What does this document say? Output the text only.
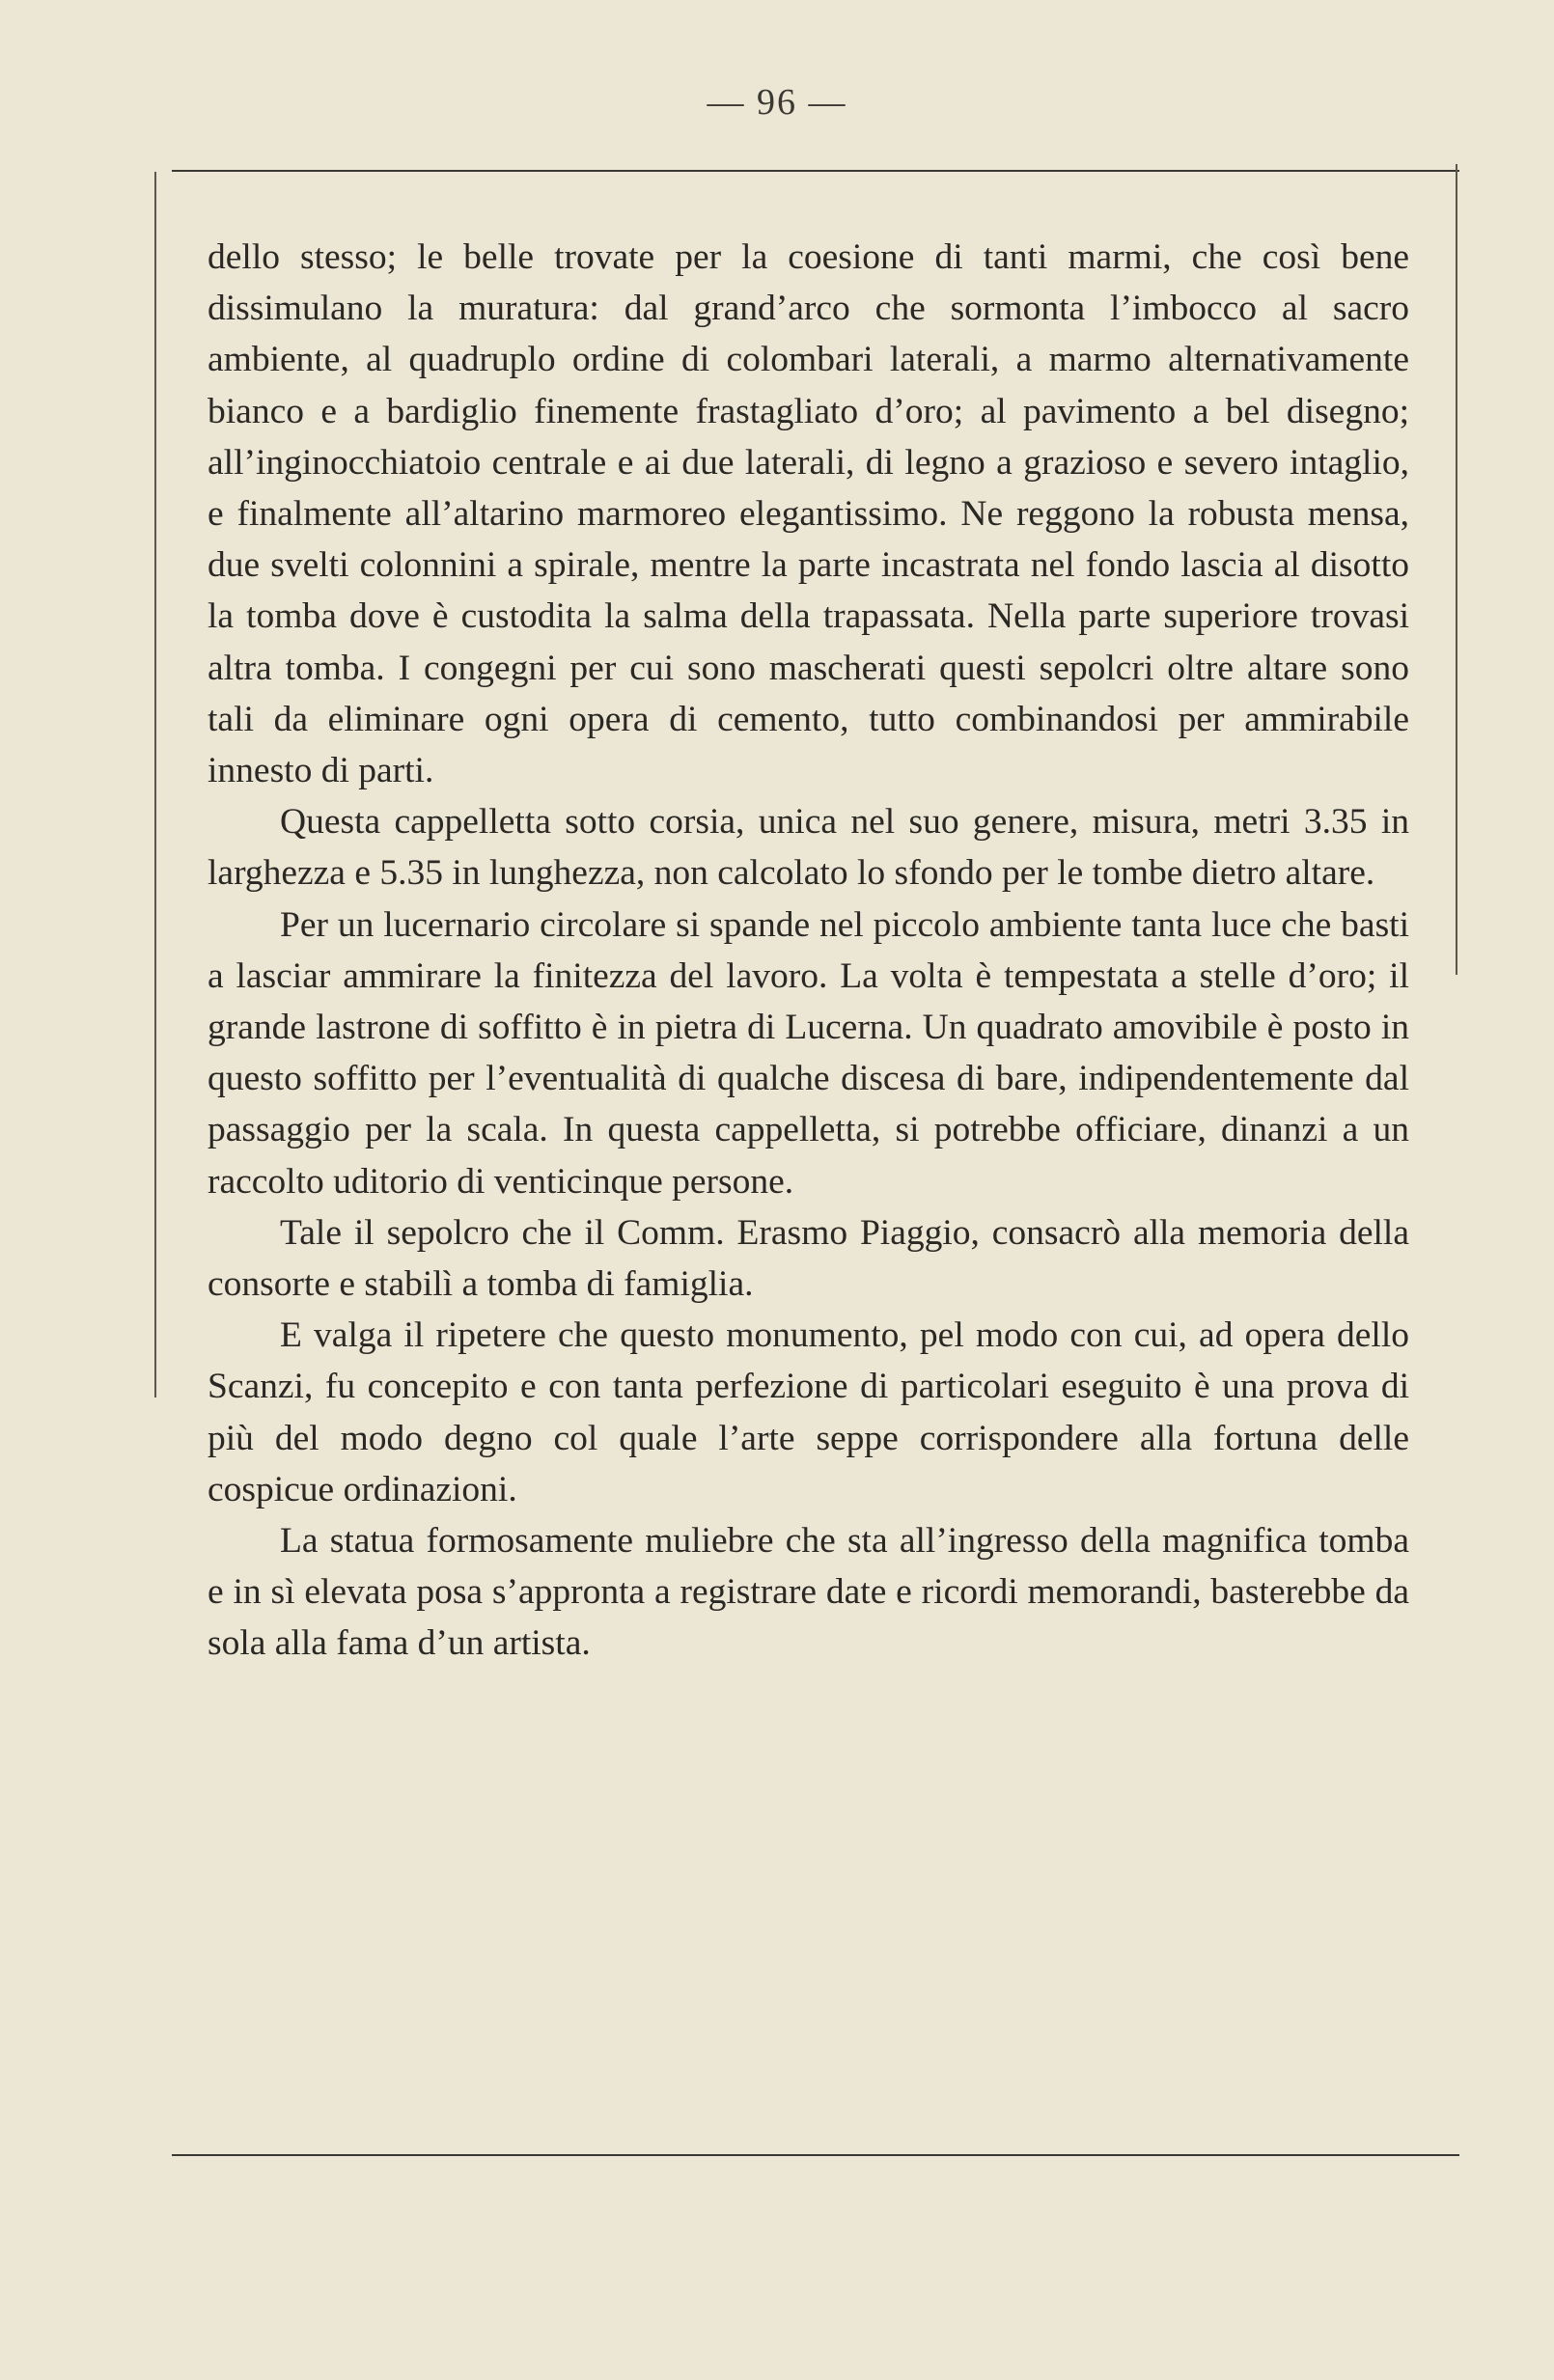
— 96 —

dello stesso; le belle trovate per la coesione di tanti marmi, che così bene dissimulano la muratura: dal grand’arco che sormonta l’imbocco al sacro ambiente, al quadruplo ordine di colombari laterali, a marmo alternativamente bianco e a bardiglio finemente frastagliato d’oro; al pavimento a bel disegno; all’inginocchiatoio centrale e ai due laterali, di legno a grazioso e severo intaglio, e finalmente all’altarino marmoreo elegantissimo. Ne reggono la robusta mensa, due svelti colonnini a spirale, mentre la parte incastrata nel fondo lascia al disotto la tomba dove è custodita la salma della trapassata. Nella parte superiore trovasi altra tomba. I congegni per cui sono mascherati questi sepolcri oltre altare sono tali da eliminare ogni opera di cemento, tutto combinandosi per ammirabile innesto di parti.

Questa cappelletta sotto corsia, unica nel suo genere, misura, metri 3.35 in larghezza e 5.35 in lunghezza, non calcolato lo sfondo per le tombe dietro altare.

Per un lucernario circolare si spande nel piccolo ambiente tanta luce che basti a lasciar ammirare la finitezza del lavoro. La volta è tempestata a stelle d’oro; il grande lastrone di soffitto è in pietra di Lucerna. Un quadrato amovibile è posto in questo soffitto per l’eventualità di qualche discesa di bare, indipendentemente dal passaggio per la scala. In questa cappelletta, si potrebbe officiare, dinanzi a un raccolto uditorio di venticinque persone.

Tale il sepolcro che il Comm. Erasmo Piaggio, consacrò alla memoria della consorte e stabilì a tomba di famiglia.

E valga il ripetere che questo monumento, pel modo con cui, ad opera dello Scanzi, fu concepito e con tanta perfezione di particolari eseguito è una prova di più del modo degno col quale l’arte seppe corrispondere alla fortuna delle cospicue ordinazioni.

La statua formosamente muliebre che sta all’ingresso della magnifica tomba e in sì elevata posa s’appronta a registrare date e ricordi memorandi, basterebbe da sola alla fama d’un artista.
